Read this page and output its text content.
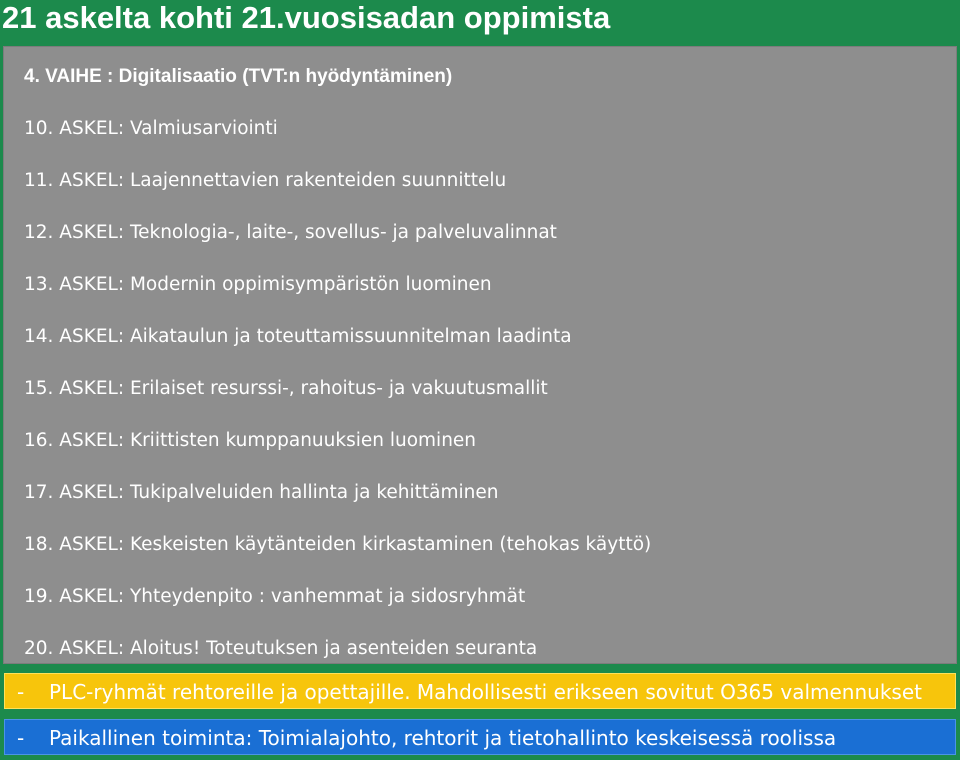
21 askelta kohti 21.vuosisadan oppimista
4. VAIHE : Digitalisaatio (TVT:n hyödyntäminen)
10. ASKEL: Valmiusarviointi
11. ASKEL: Laajennettavien rakenteiden suunnittelu
12. ASKEL: Teknologia-, laite-, sovellus- ja palveluvalinnat
13. ASKEL: Modernin oppimisympäristön luominen
14. ASKEL: Aikataulun ja toteuttamissuunnitelman laadinta
15. ASKEL: Erilaiset resurssi-, rahoitus- ja vakuutusmallit
16. ASKEL: Kriittisten kumppanuuksien luominen
17. ASKEL: Tukipalveluiden hallinta ja kehittäminen
18. ASKEL: Keskeisten käytänteiden kirkastaminen (tehokas käyttö)
19. ASKEL: Yhteydenpito : vanhemmat ja sidosryhmät
20. ASKEL: Aloitus! Toteutuksen ja asenteiden seuranta
- PLC-ryhmät rehtoreille ja opettajille. Mahdollisesti erikseen sovitut O365 valmennukset
- Paikallinen toiminta: Toimialajohto, rehtorit ja tietohallinto keskeisessä roolissa
